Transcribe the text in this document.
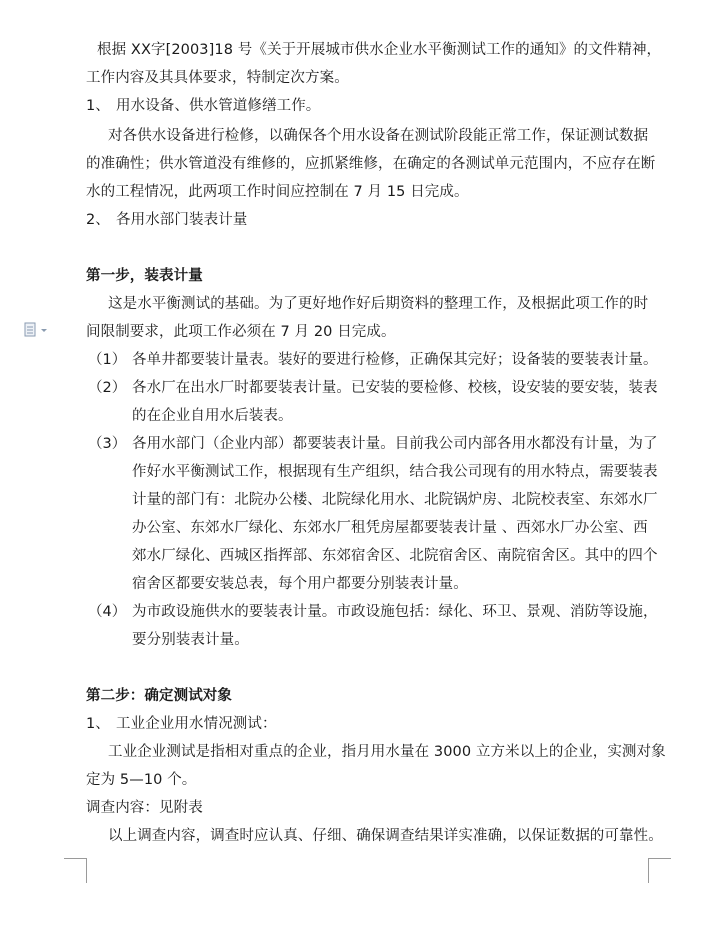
根据 XX字[2003]18 号《关于开展城市供水企业水平衡测试工作的通知》的文件精神，
工作内容及其具体要求，特制定次方案。
1、 用水设备、供水管道修缮工作。
对各供水设备进行检修，以确保各个用水设备在测试阶段能正常工作，保证测试数据
的准确性；供水管道没有维修的，应抓紧维修，在确定的各测试单元范围内，不应存在断
水的工程情况，此两项工作时间应控制在 7 月 15 日完成。
2、 各用水部门装表计量
第一步，装表计量
这是水平衡测试的基础。为了更好地作好后期资料的整理工作，及根据此项工作的时
间限制要求，此项工作必须在 7 月 20 日完成。
（1） 各单井都要装计量表。装好的要进行检修，正确保其完好；设备装的要装表计量。
（2） 各水厂在出水厂时都要装表计量。已安装的要检修、校核，设安装的要安装，装表
的在企业自用水后装表。
（3） 各用水部门（企业内部）都要装表计量。目前我公司内部各用水都没有计量，为了
作好水平衡测试工作，根据现有生产组织，结合我公司现有的用水特点，需要装表
计量的部门有：北院办公楼、北院绿化用水、北院锅炉房、北院校表室、东郊水厂
办公室、东郊水厂绿化、东郊水厂租凭房屋都要装表计量 、西郊水厂办公室、西
郊水厂绿化、西城区指挥部、东郊宿舍区、北院宿舍区、南院宿舍区。其中的四个
宿舍区都要安装总表，每个用户都要分别装表计量。
（4） 为市政设施供水的要装表计量。市政设施包括：绿化、环卫、景观、消防等设施，
要分别装表计量。
第二步：确定测试对象
1、 工业企业用水情况测试：
工业企业测试是指相对重点的企业，指月用水量在 3000 立方米以上的企业，实测对象
定为 5—10 个。
调查内容：见附表
以上调查内容，调查时应认真、仔细、确保调查结果详实准确，以保证数据的可靠性。
